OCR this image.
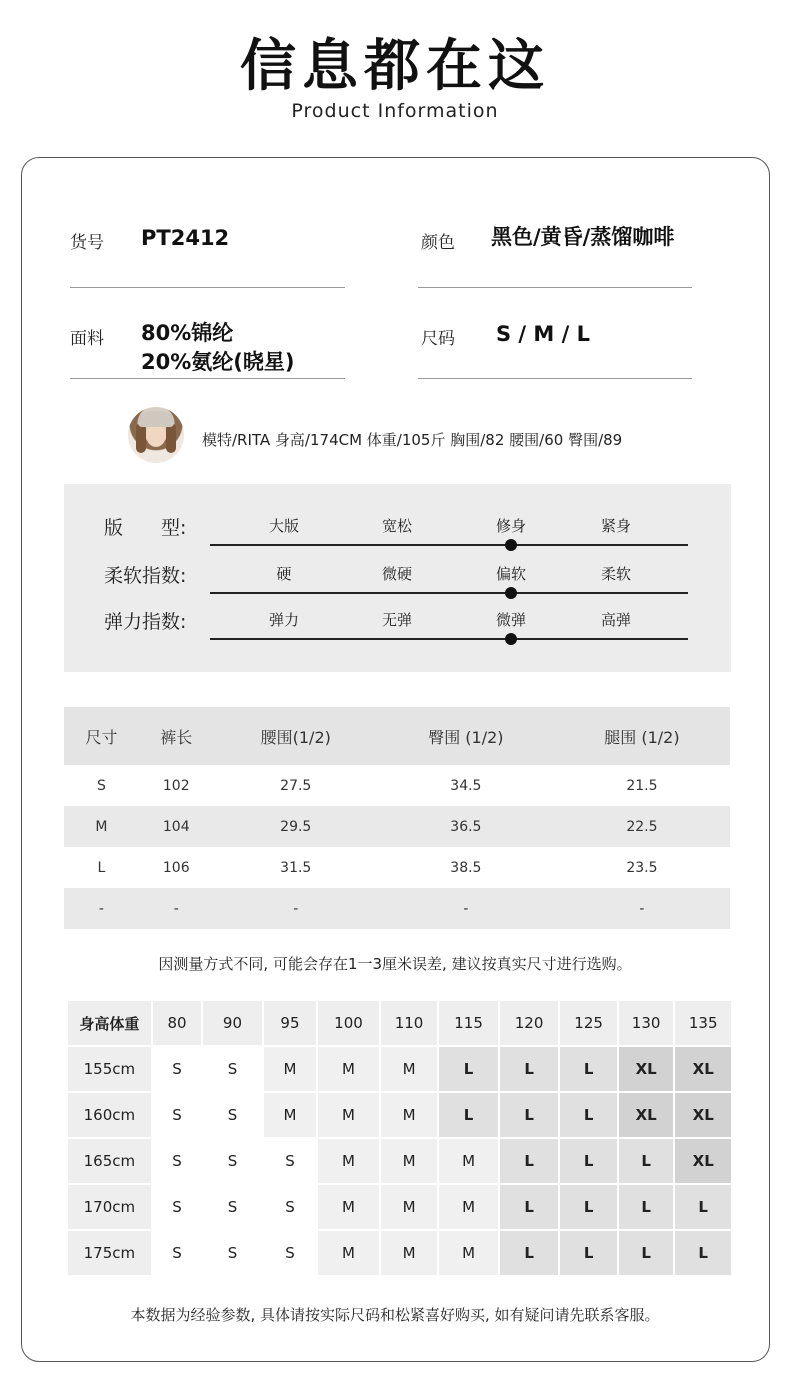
信息都在这
Product Information
货号 PT2412	颜色 黑色/黄昏/蒸馏咖啡
面料 80%锦纶
20%氨纶(晓星)
尺码 S / M / L
模特/RITA 身高/174CM 体重/105斤 胸围/82 腰围/60 臀围/89
版　　型:	大版	宽松	修身	紧身
柔软指数:	硬	微硬	偏软	柔软
弹力指数:	弹力	无弹	微弹	高弹
尺寸	裤长	腰围(1/2)	臀围 (1/2)	腿围 (1/2)
S	102	27.5	34.5	21.5
M	104	29.5	36.5	22.5
L	106	31.5	38.5	23.5
-	-	-	-	-
因测量方式不同, 可能会存在1一3厘米误差, 建议按真实尺寸进行选购。
身高体重	80	90	95	100	110	115	120	125	130	135
155cm	S	S	M	M	M	L	L	L	XL	XL
160cm	S	S	M	M	M	L	L	L	XL	XL
165cm	S	S	S	M	M	M	L	L	L	XL
170cm	S	S	S	M	M	M	L	L	L	L
175cm	S	S	S	M	M	M	L	L	L	L
本数据为经验参数, 具体请按实际尺码和松紧喜好购买, 如有疑问请先联系客服。
